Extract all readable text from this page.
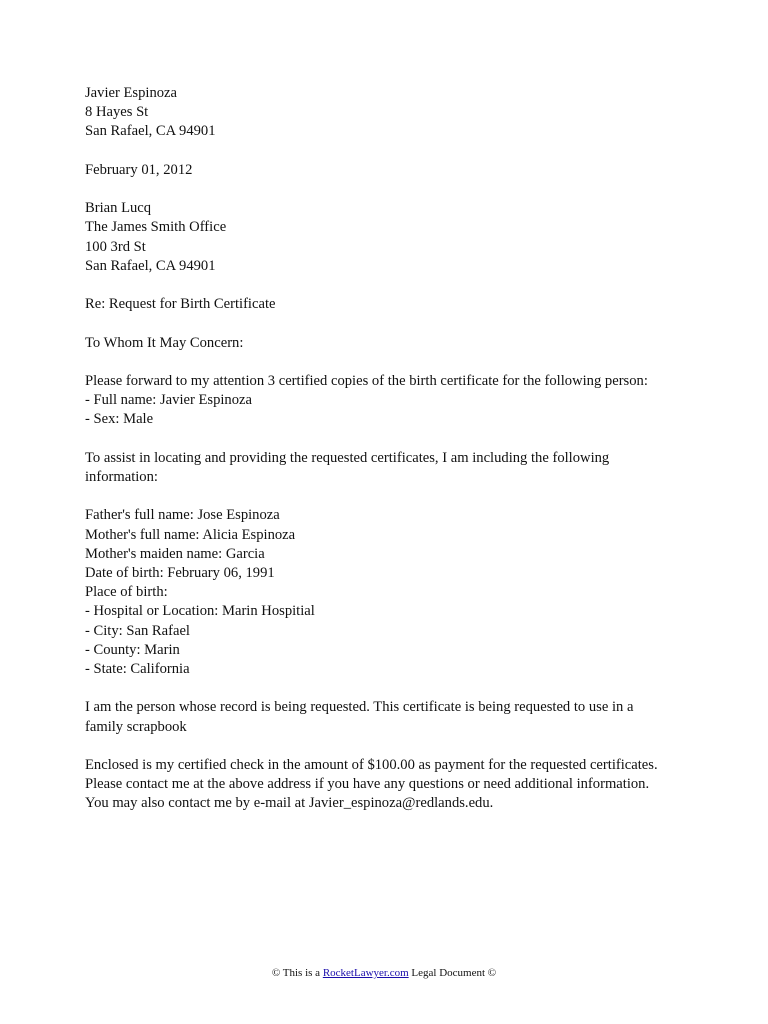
Javier Espinoza
8 Hayes St
San Rafael, CA 94901
February 01, 2012
Brian Lucq
The James Smith Office
100 3rd St
San Rafael, CA 94901
Re: Request for Birth Certificate
To Whom It May Concern:
Please forward to my attention 3 certified copies of the birth certificate for the following person:
- Full name: Javier Espinoza
- Sex: Male
To assist in locating and providing the requested certificates, I am including the following
information:
Father's full name: Jose Espinoza
Mother's full name: Alicia Espinoza
Mother's maiden name: Garcia
Date of birth: February 06, 1991
Place of birth:
- Hospital or Location: Marin Hospitial
- City: San Rafael
- County: Marin
- State: California
I am the person whose record is being requested. This certificate is being requested to use in a
family scrapbook
Enclosed is my certified check in the amount of $100.00 as payment for the requested certificates.
Please contact me at the above address if you have any questions or need additional information.
You may also contact me by e-mail at Javier_espinoza@redlands.edu.
© This is a RocketLawyer.com Legal Document ©
